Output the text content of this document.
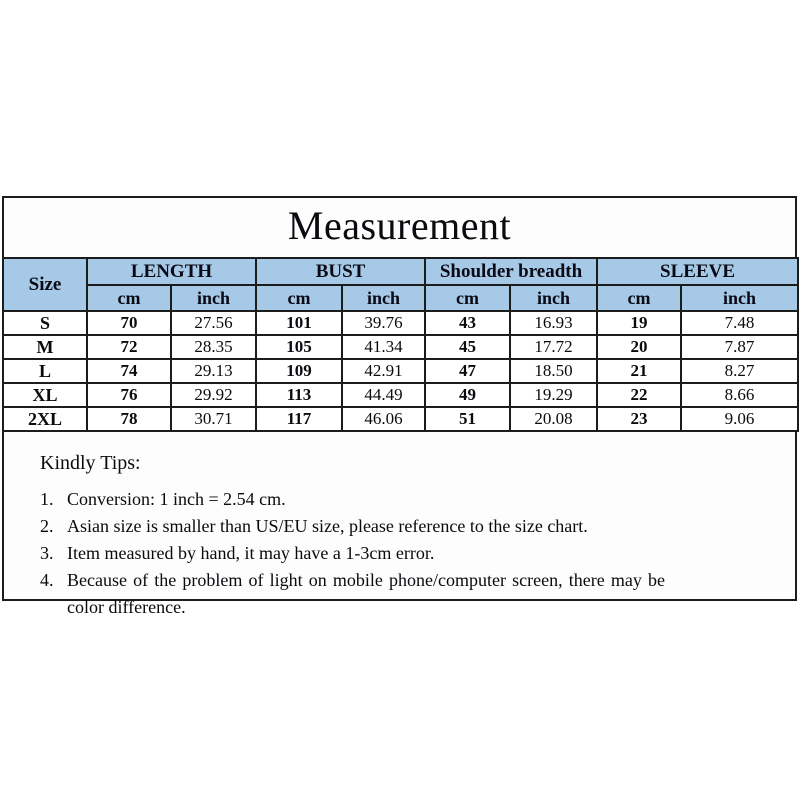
Measurement
Size	LENGTH		BUST		Shoulder breadth		SLEEVE	
	cm	inch	cm	inch	cm	inch	cm	inch
S	70	27.56	101	39.76	43	16.93	19	7.48
M	72	28.35	105	41.34	45	17.72	20	7.87
L	74	29.13	109	42.91	47	18.50	21	8.27
XL	76	29.92	113	44.49	49	19.29	22	8.66
2XL	78	30.71	117	46.06	51	20.08	23	9.06
Kindly Tips:
1. Conversion: 1 inch = 2.54 cm.
2. Asian size is smaller than US/EU size, please reference to the size chart.
3. Item measured by hand, it may have a 1-3cm error.
4. Because of the problem of light on mobile phone/computer screen, there may be color difference.
